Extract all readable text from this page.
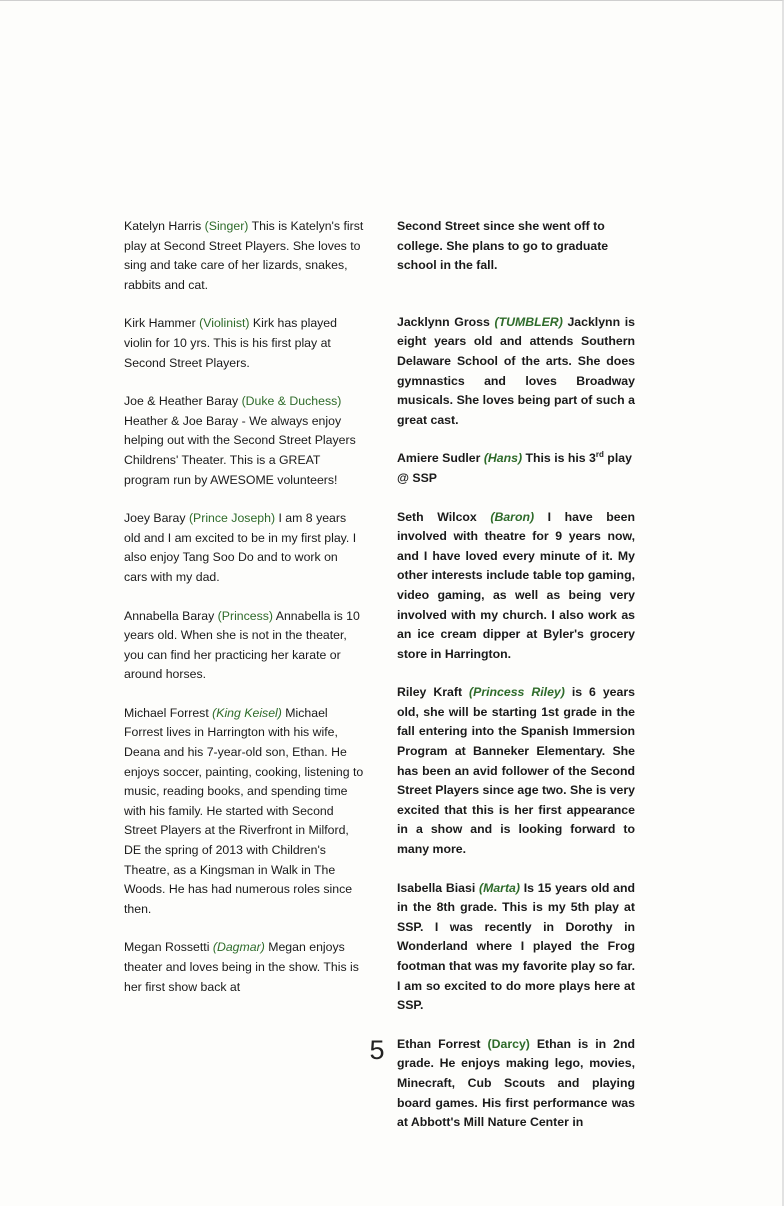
Katelyn Harris (Singer) This is Katelyn's first play at Second Street Players. She loves to sing and take care of her lizards, snakes, rabbits and cat.

Kirk Hammer (Violinist) Kirk has played violin for 10 yrs. This is his first play at Second Street Players.

Joe & Heather Baray (Duke & Duchess) Heather & Joe Baray - We always enjoy helping out with the Second Street Players Childrens' Theater. This is a GREAT program run by AWESOME volunteers!

Joey Baray (Prince Joseph) I am 8 years old and I am excited to be in my first play. I also enjoy Tang Soo Do and to work on cars with my dad.

Annabella Baray (Princess) Annabella is 10 years old. When she is not in the theater, you can find her practicing her karate or around horses.

Michael Forrest (King Keisel) Michael Forrest lives in Harrington with his wife, Deana and his 7-year-old son, Ethan. He enjoys soccer, painting, cooking, listening to music, reading books, and spending time with his family. He started with Second Street Players at the Riverfront in Milford, DE the spring of 2013 with Children's Theatre, as a Kingsman in Walk in The Woods. He has had numerous roles since then.

Megan Rossetti (Dagmar) Megan enjoys theater and loves being in the show. This is her first show back at

Second Street since she went off to college. She plans to go to graduate school in the fall.

Jacklynn Gross (TUMBLER) Jacklynn is eight years old and attends Southern Delaware School of the arts. She does gymnastics and loves Broadway musicals. She loves being part of such a great cast.

Amiere Sudler (Hans) This is his 3rd play @ SSP

Seth Wilcox (Baron) I have been involved with theatre for 9 years now, and I have loved every minute of it. My other interests include table top gaming, video gaming, as well as being very involved with my church. I also work as an ice cream dipper at Byler's grocery store in Harrington.

Riley Kraft (Princess Riley) is 6 years old, she will be starting 1st grade in the fall entering into the Spanish Immersion Program at Banneker Elementary. She has been an avid follower of the Second Street Players since age two. She is very excited that this is her first appearance in a show and is looking forward to many more.

Isabella Biasi (Marta) Is 15 years old and in the 8th grade. This is my 5th play at SSP. I was recently in Dorothy in Wonderland where I played the Frog footman that was my favorite play so far. I am so excited to do more plays here at SSP.

Ethan Forrest (Darcy) Ethan is in 2nd grade. He enjoys making lego, movies, Minecraft, Cub Scouts and playing board games. His first performance was at Abbott's Mill Nature Center in

5
